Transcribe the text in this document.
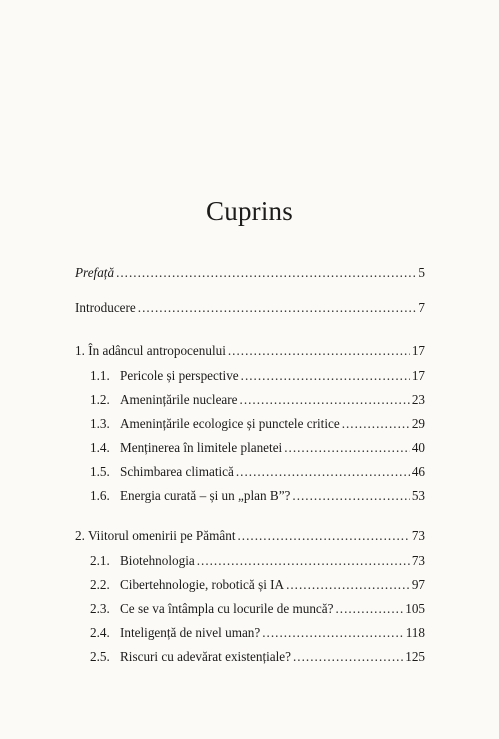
Cuprins
Prefață .....	5
Introducere .....	7
1. În adâncul antropocenului .....	17
1.1. Pericole și perspective .....	17
1.2. Amenințările nucleare .....	23
1.3. Amenințările ecologice și punctele critice .....	29
1.4. Menținerea în limitele planetei .....	40
1.5. Schimbarea climatică .....	46
1.6. Energia curată – și un „plan B”? .....	53
2. Viitorul omenirii pe Pământ .....	73
2.1. Biotehnologia .....	73
2.2. Cibertehnologie, robotică și IA .....	97
2.3. Ce se va întâmpla cu locurile de muncă? .....	105
2.4. Inteligență de nivel uman? .....	118
2.5. Riscuri cu adevărat existențiale? .....	125
